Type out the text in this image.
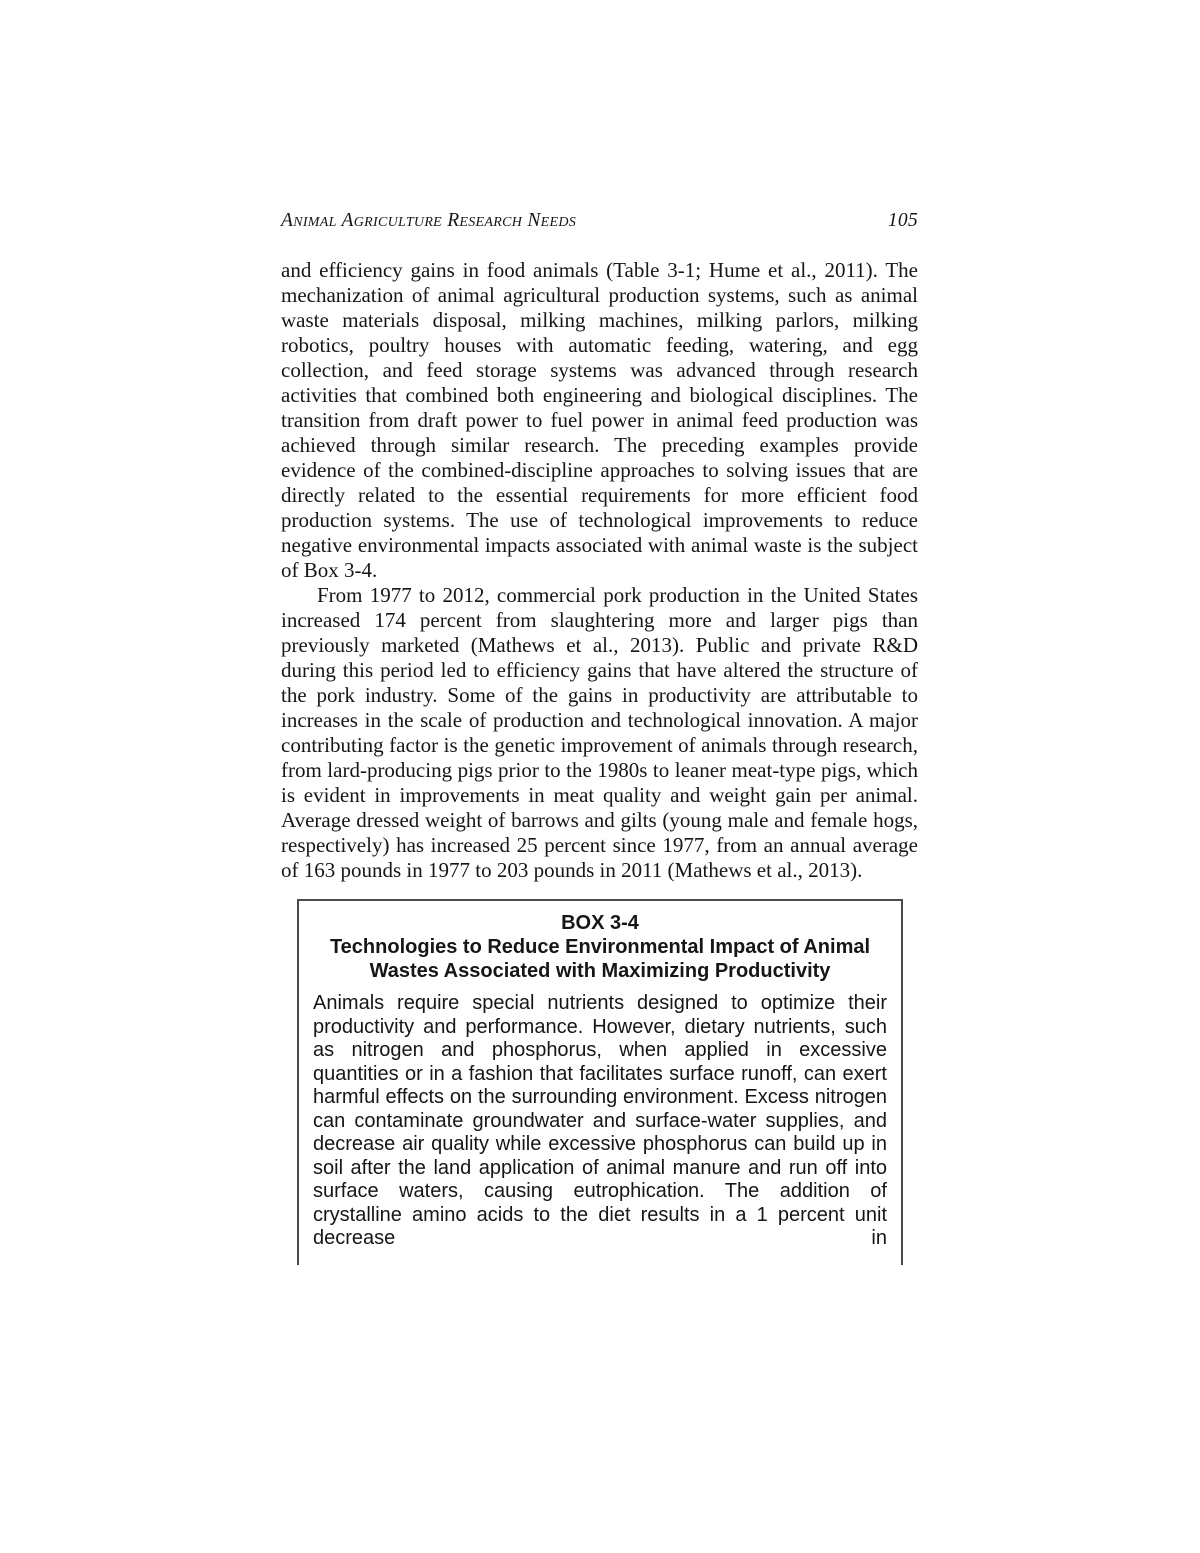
Animal Agriculture Research Needs	105

and efficiency gains in food animals (Table 3-1; Hume et al., 2011). The mechanization of animal agricultural production systems, such as animal waste materials disposal, milking machines, milking parlors, milking robotics, poultry houses with automatic feeding, watering, and egg collection, and feed storage systems was advanced through research activities that combined both engineering and biological disciplines. The transition from draft power to fuel power in animal feed production was achieved through similar research. The preceding examples provide evidence of the combined-discipline approaches to solving issues that are directly related to the essential requirements for more efficient food production systems. The use of technological improvements to reduce negative environmental impacts associated with animal waste is the subject of Box 3-4.

From 1977 to 2012, commercial pork production in the United States increased 174 percent from slaughtering more and larger pigs than previously marketed (Mathews et al., 2013). Public and private R&D during this period led to efficiency gains that have altered the structure of the pork industry. Some of the gains in productivity are attributable to increases in the scale of production and technological innovation. A major contributing factor is the genetic improvement of animals through research, from lard-producing pigs prior to the 1980s to leaner meat-type pigs, which is evident in improvements in meat quality and weight gain per animal. Average dressed weight of barrows and gilts (young male and female hogs, respectively) has increased 25 percent since 1977, from an annual average of 163 pounds in 1977 to 203 pounds in 2011 (Mathews et al., 2013).

BOX 3-4
Technologies to Reduce Environmental Impact of Animal
Wastes Associated with Maximizing Productivity

Animals require special nutrients designed to optimize their productivity and performance. However, dietary nutrients, such as nitrogen and phosphorus, when applied in excessive quantities or in a fashion that facilitates surface runoff, can exert harmful effects on the surrounding environment. Excess nitrogen can contaminate groundwater and surface-water supplies, and decrease air quality while excessive phosphorus can build up in soil after the land application of animal manure and run off into surface waters, causing eutrophication. The addition of crystalline amino acids to the diet results in a 1 percent unit decrease in
